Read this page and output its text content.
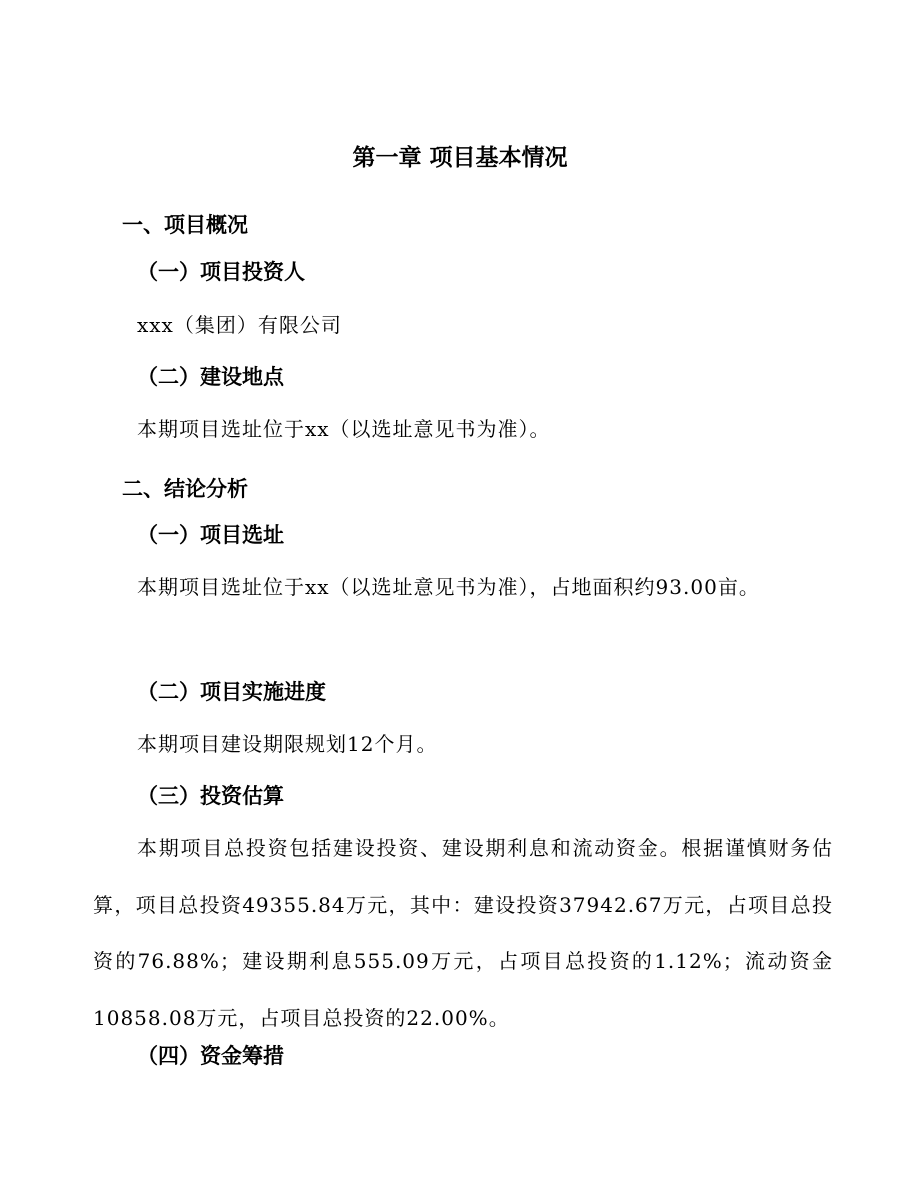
第一章 项目基本情况
一、项目概况
（一）项目投资人

xxx（集团）有限公司

（二）建设地点

本期项目选址位于xx（以选址意见书为准）。

二、结论分析
（一）项目选址

本期项目选址位于xx（以选址意见书为准），占地面积约93.00亩。

（二）项目实施进度

本期项目建设期限规划12个月。

（三）投资估算

本期项目总投资包括建设投资、建设期利息和流动资金。根据谨慎财务估算，项目总投资49355.84万元，其中：建设投资37942.67万元，占项目总投资的76.88%；建设期利息555.09万元，占项目总投资的1.12%；流动资金10858.08万元，占项目总投资的22.00%。

（四）资金筹措
